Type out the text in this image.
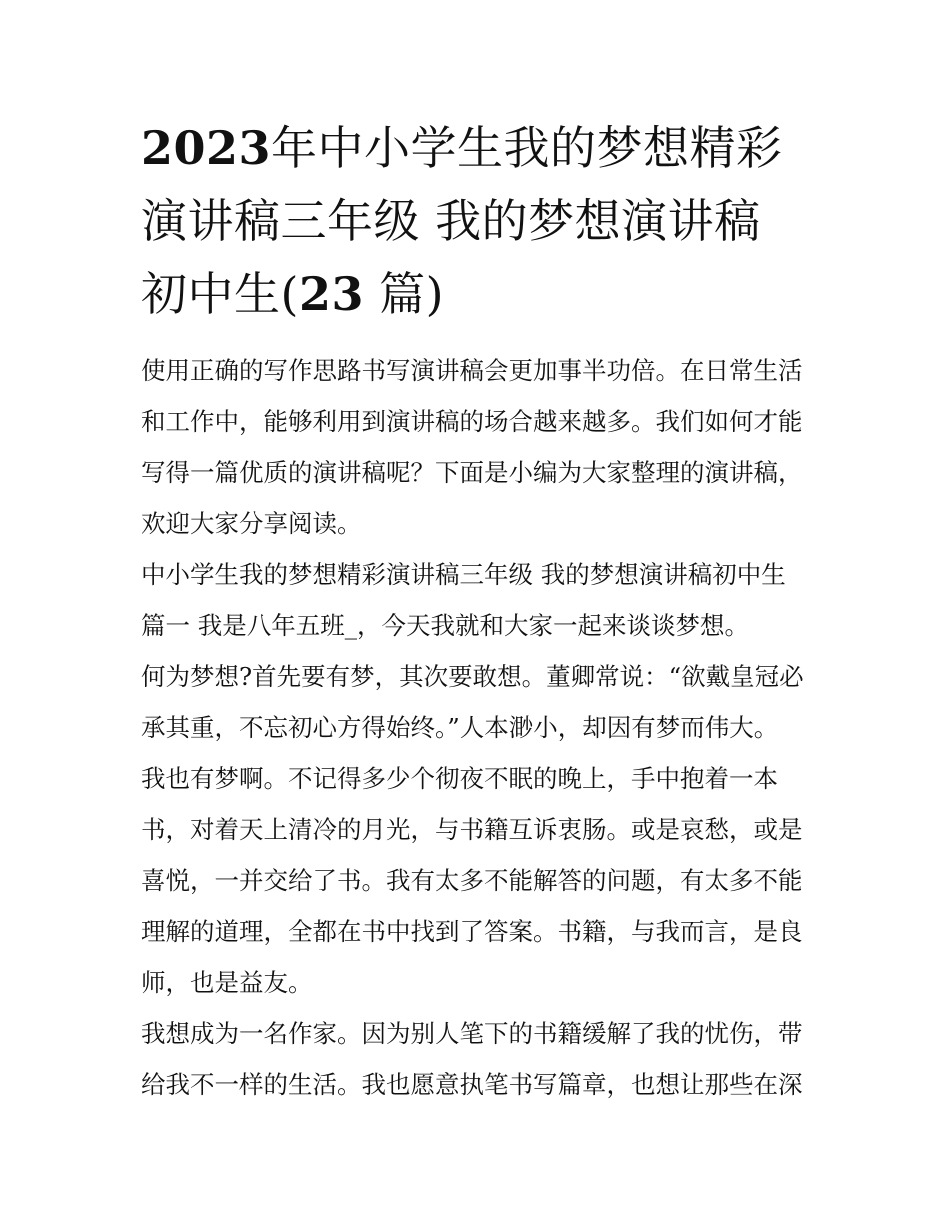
2023年中小学生我的梦想精彩
演讲稿三年级 我的梦想演讲稿
初中生(23 篇)

使用正确的写作思路书写演讲稿会更加事半功倍。在日常生活
和工作中，能够利用到演讲稿的场合越来越多。我们如何才能
写得一篇优质的演讲稿呢？下面是小编为大家整理的演讲稿，
欢迎大家分享阅读。

中小学生我的梦想精彩演讲稿三年级 我的梦想演讲稿初中生
篇一 我是八年五班_，今天我就和大家一起来谈谈梦想。

何为梦想?首先要有梦，其次要敢想。董卿常说：“欲戴皇冠必
承其重，不忘初心方得始终。”人本渺小，却因有梦而伟大。
我也有梦啊。不记得多少个彻夜不眠的晚上，手中抱着一本
书，对着天上清冷的月光，与书籍互诉衷肠。或是哀愁，或是
喜悦，一并交给了书。我有太多不能解答的问题，有太多不能
理解的道理，全都在书中找到了答案。书籍，与我而言，是良
师，也是益友。

我想成为一名作家。因为别人笔下的书籍缓解了我的忧伤，带
给我不一样的生活。我也愿意执笔书写篇章，也想让那些在深
